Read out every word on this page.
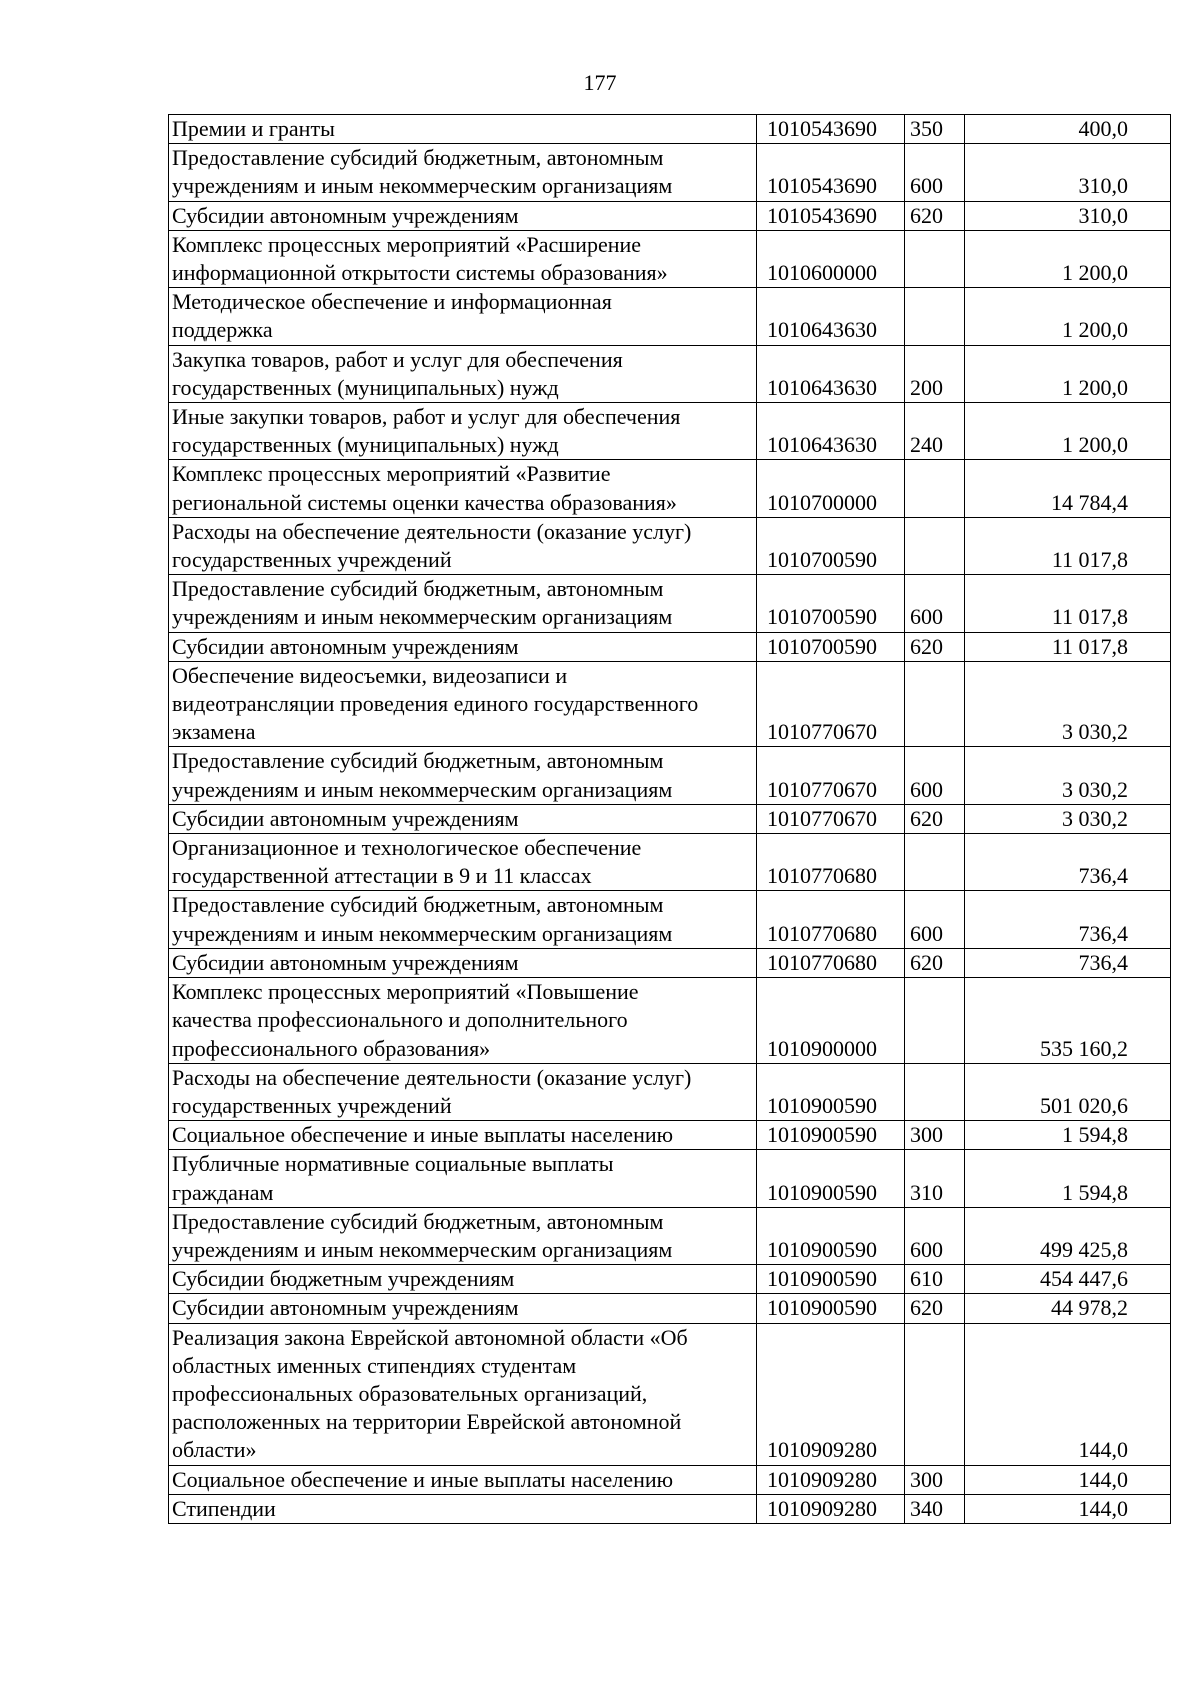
177
Премии и гранты	1010543690	350	400,0

Предоставление субсидий бюджетным, автономным
учреждениям и иным некоммерческим организациям	1010543690	600	310,0

Субсидии автономным учреждениям	1010543690	620	310,0

Комплекс процессных мероприятий «Расширение
информационной открытости системы образования»	1010600000		1 200,0

Методическое обеспечение и информационная
поддержка	1010643630		1 200,0

Закупка товаров, работ и услуг для обеспечения
государственных (муниципальных) нужд	1010643630	200	1 200,0

Иные закупки товаров, работ и услуг для обеспечения
государственных (муниципальных) нужд	1010643630	240	1 200,0

Комплекс процессных мероприятий «Развитие
региональной системы оценки качества образования»	1010700000		14 784,4

Расходы на обеспечение деятельности (оказание услуг)
государственных учреждений	1010700590		11 017,8

Предоставление субсидий бюджетным, автономным
учреждениям и иным некоммерческим организациям	1010700590	600	11 017,8

Субсидии автономным учреждениям	1010700590	620	11 017,8

Обеспечение видеосъемки, видеозаписи и
видеотрансляции проведения единого государственного
экзамена	1010770670		3 030,2

Предоставление субсидий бюджетным, автономным
учреждениям и иным некоммерческим организациям	1010770670	600	3 030,2

Субсидии автономным учреждениям	1010770670	620	3 030,2

Организационное и технологическое обеспечение
государственной аттестации в 9 и 11 классах	1010770680		736,4

Предоставление субсидий бюджетным, автономным
учреждениям и иным некоммерческим организациям	1010770680	600	736,4

Субсидии автономным учреждениям	1010770680	620	736,4

Комплекс процессных мероприятий «Повышение
качества профессионального и дополнительного
профессионального образования»	1010900000		535 160,2

Расходы на обеспечение деятельности (оказание услуг)
государственных учреждений	1010900590		501 020,6

Социальное обеспечение и иные выплаты населению	1010900590	300	1 594,8

Публичные нормативные социальные выплаты
гражданам	1010900590	310	1 594,8

Предоставление субсидий бюджетным, автономным
учреждениям и иным некоммерческим организациям	1010900590	600	499 425,8

Субсидии бюджетным учреждениям	1010900590	610	454 447,6

Субсидии автономным учреждениям	1010900590	620	44 978,2

Реализация закона Еврейской автономной области «Об
областных именных стипендиях студентам
профессиональных образовательных организаций,
расположенных на территории Еврейской автономной
области»	1010909280		144,0

Социальное обеспечение и иные выплаты населению	1010909280	300	144,0

Стипендии	1010909280	340	144,0
